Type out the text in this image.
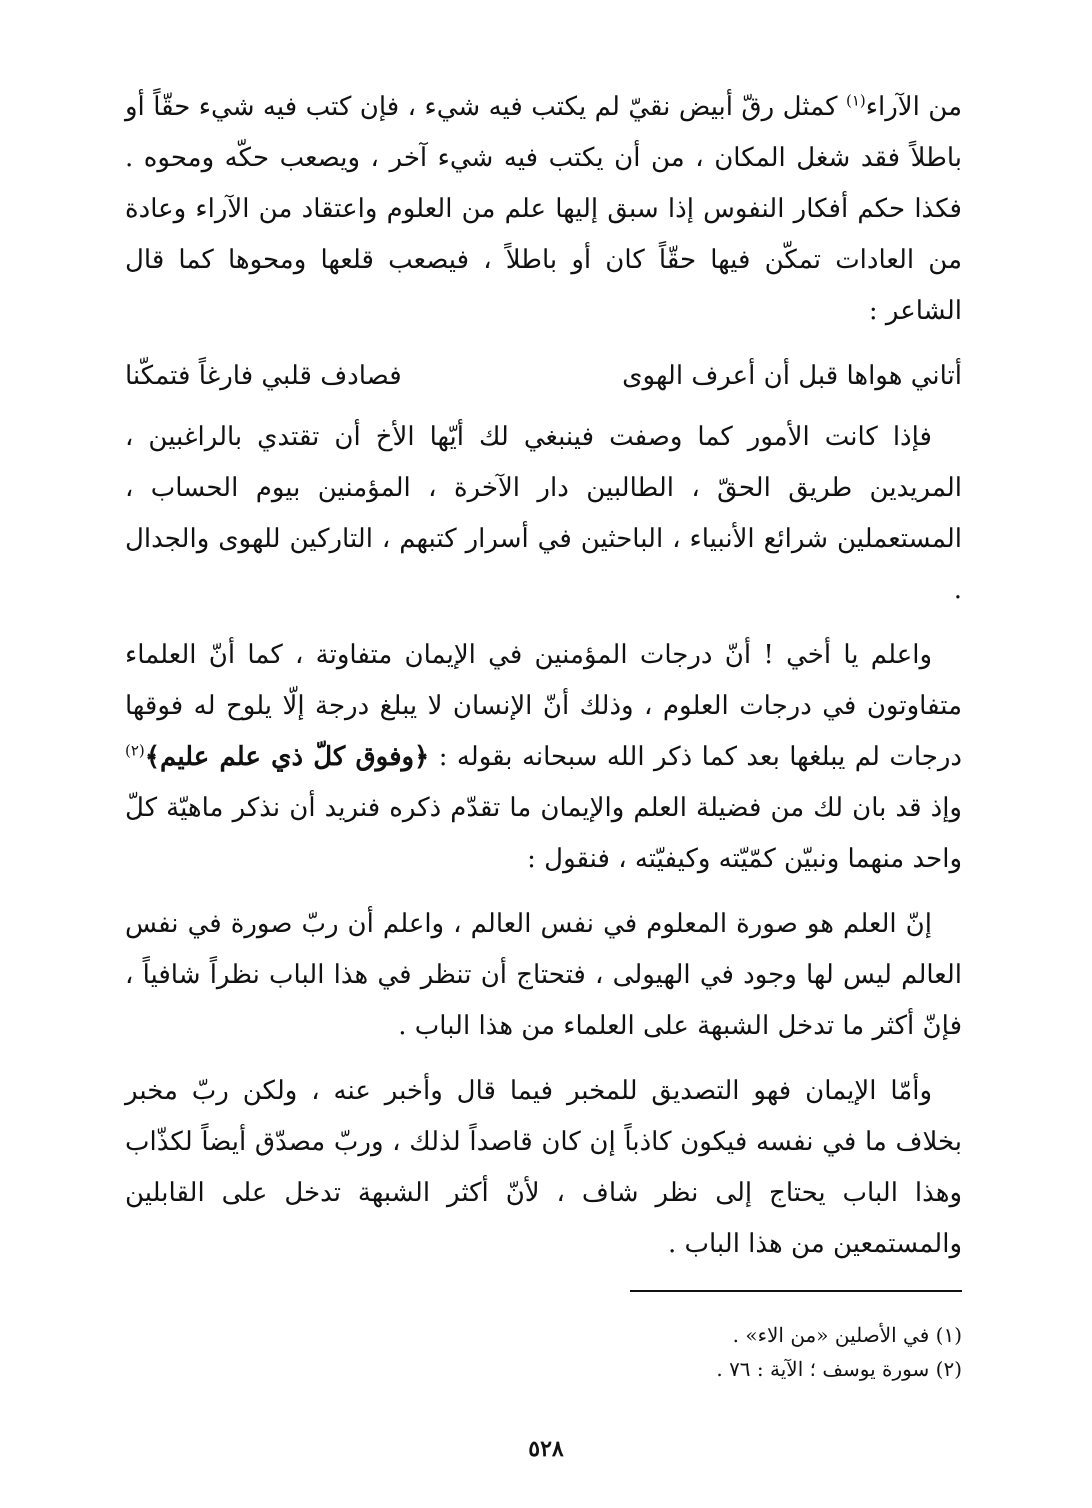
من الآراء$^{(١)}$ كمثل رقّ أبيض نقيّ لم يكتب فيه شيء ، فإن كتب فيه شيء حقّاً أو باطلاً فقد شغل المكان ، من أن يكتب فيه شيء آخر ، ويصعب حكّه ومحوه . فكذا حكم أفكار النفوس إذا سبق إليها علم من العلوم واعتقاد من الآراء وعادة من العادات تمكّن فيها حقّاً كان أو باطلاً ، فيصعب قلعها ومحوها كما قال الشاعر :

أتاني هواها قبل أن أعرف الهوى
فصادف قلبي فارغاً فتمكّنا

فإذا كانت الأمور كما وصفت فينبغي لك أيّها الأخ أن تقتدي بالراغبين ، المريدين طريق الحقّ ، الطالبين دار الآخرة ، المؤمنين بيوم الحساب ، المستعملين شرائع الأنبياء ، الباحثين في أسرار كتبهم ، التاركين للهوى والجدال .

واعلم يا أخي ! أنّ درجات المؤمنين في الإيمان متفاوتة ، كما أنّ العلماء متفاوتون في درجات العلوم ، وذلك أنّ الإنسان لا يبلغ درجة إلّا يلوح له فوقها درجات لم يبلغها بعد كما ذكر الله سبحانه بقوله : ﴿وفوق كلّ ذي علم عليم﴾$^{(٢)}$ وإذ قد بان لك من فضيلة العلم والإيمان ما تقدّم ذكره فنريد أن نذكر ماهيّة كلّ واحد منهما ونبيّن كمّيّته وكيفيّته ، فنقول :

إنّ العلم هو صورة المعلوم في نفس العالم ، واعلم أن ربّ صورة في نفس العالم ليس لها وجود في الهيولى ، فتحتاج أن تنظر في هذا الباب نظراً شافياً ، فإنّ أكثر ما تدخل الشبهة على العلماء من هذا الباب .

وأمّا الإيمان فهو التصديق للمخبر فيما قال وأخبر عنه ، ولكن ربّ مخبر بخلاف ما في نفسه فيكون كاذباً إن كان قاصداً لذلك ، وربّ مصدّق أيضاً لكذّاب وهذا الباب يحتاج إلى نظر شاف ، لأنّ أكثر الشبهة تدخل على القابلين والمستمعين من هذا الباب .

(١) في الأصلين «من الاء» .

(٢) سورة يوسف ؛ الآية : ٧٦ .

٥٢٨
